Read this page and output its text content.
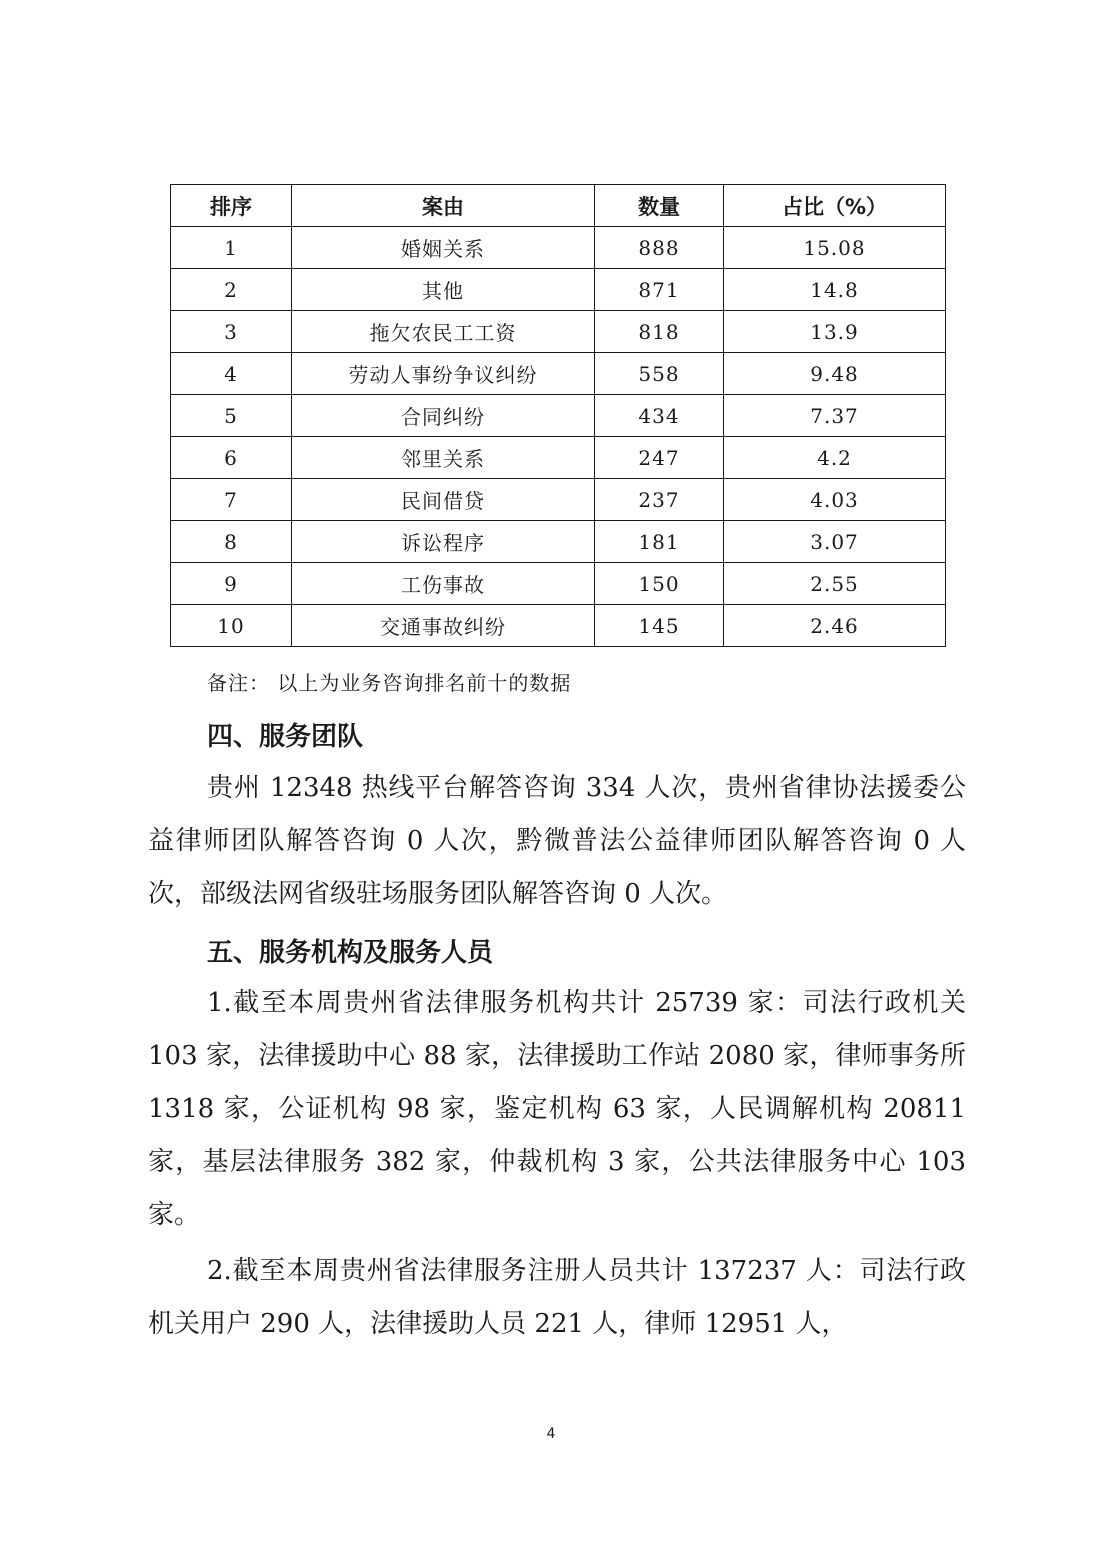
排序	案由	数量	占比（%）
1	婚姻关系	888	15.08
2	其他	871	14.8
3	拖欠农民工工资	818	13.9
4	劳动人事纷争议纠纷	558	9.48
5	合同纠纷	434	7.37
6	邻里关系	247	4.2
7	民间借贷	237	4.03
8	诉讼程序	181	3.07
9	工伤事故	150	2.55
10	交通事故纠纷	145	2.46
备注： 以上为业务咨询排名前十的数据
四、服务团队

贵州 12348 热线平台解答咨询 334 人次，贵州省律协法援委公益律师团队解答咨询 0 人次，黔微普法公益律师团队解答咨询 0 人次，部级法网省级驻场服务团队解答咨询 0 人次。

五、服务机构及服务人员

1.截至本周贵州省法律服务机构共计 25739 家：司法行政机关 103 家，法律援助中心 88 家，法律援助工作站 2080 家，律师事务所 1318 家，公证机构 98 家，鉴定机构 63 家，人民调解机构 20811 家，基层法律服务 382 家，仲裁机构 3 家，公共法律服务中心 103 家。

2.截至本周贵州省法律服务注册人员共计 137237 人：司法行政机关用户 290 人，法律援助人员 221 人，律师 12951 人，

4
